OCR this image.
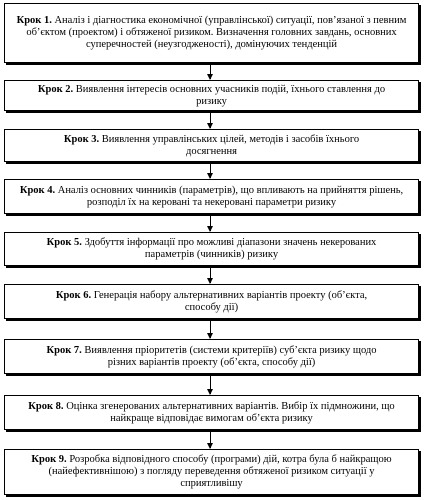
Крок 1. Аналіз і діагностика економічної (управлінської) ситуації, пов’язаної з певним об’єктом (проектом) і обтяженої ризиком. Визначення головних завдань, основних суперечностей (неузгодженості), домінуючих тенденцій
Крок 2. Виявлення інтересів основних учасників подій, їхнього ставлення до ризику
Крок 3. Виявлення управлінських цілей, методів і засобів їхнього досягнення
Крок 4. Аналіз основних чинників (параметрів), що впливають на прийняття рішень, розподіл їх на керовані та некеровані параметри ризику
Крок 5. Здобуття інформації про можливі діапазони значень некерованих параметрів (чинників) ризику
Крок 6. Генерація набору альтернативних варіантів проекту (об’єкта, способу дії)
Крок 7. Виявлення пріоритетів (системи критеріїв) суб’єкта ризику щодо різних варіантів проекту (об’єкта, способу дії)
Крок 8. Оцінка згенерованих альтернативних варіантів. Вибір їх підмножини, що найкраще відповідає вимогам об’єкта ризику
Крок 9. Розробка відповідного способу (програми) дій, котра була б найкращою (найефективнішою) з погляду переведення обтяженої ризиком ситуації у сприятливішу
